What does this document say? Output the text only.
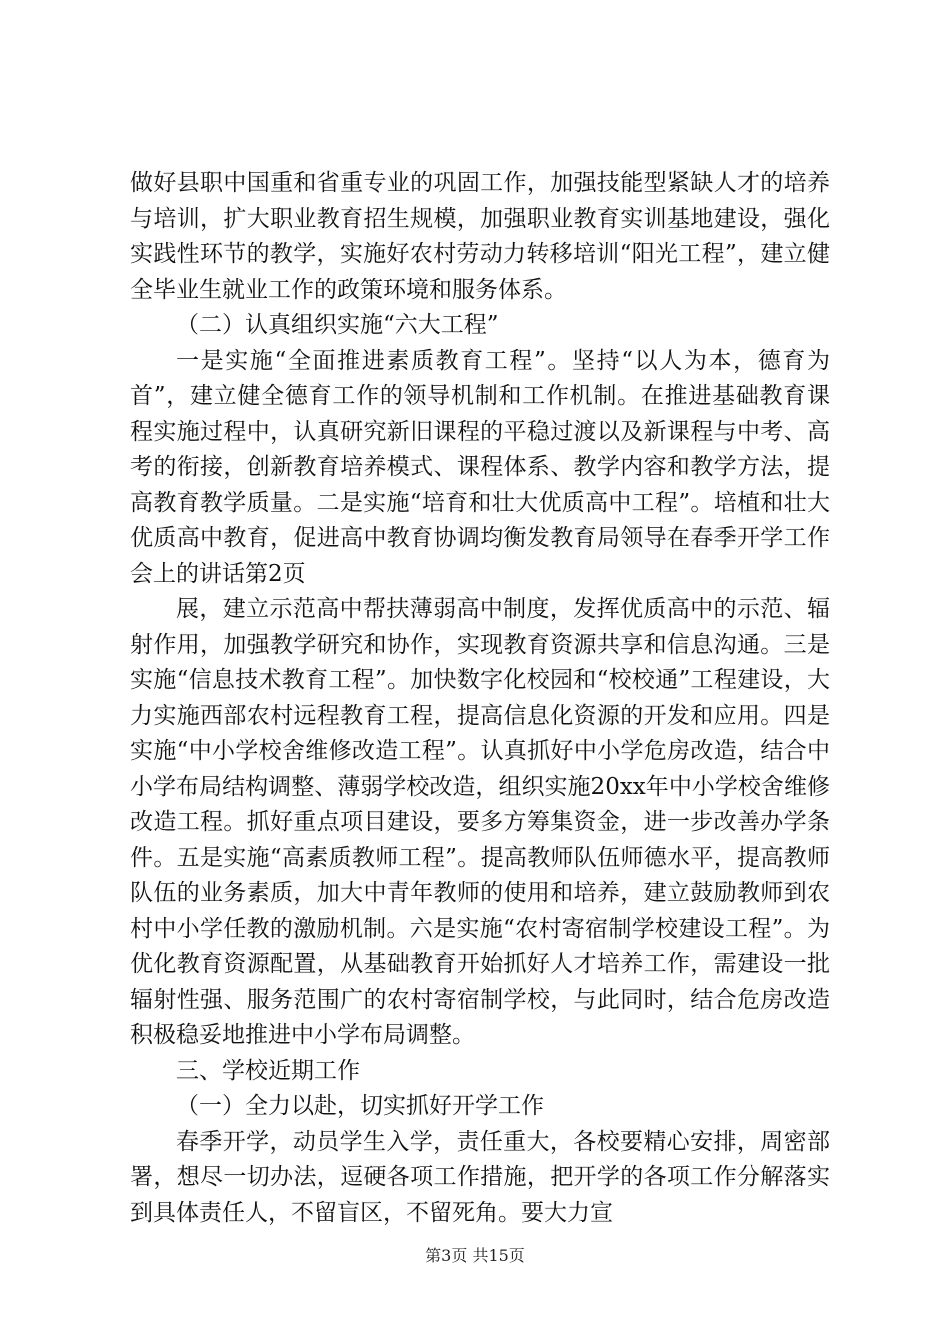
做好县职中国重和省重专业的巩固工作，加强技能型紧缺人才的培养与培训，扩大职业教育招生规模，加强职业教育实训基地建设，强化实践性环节的教学，实施好农村劳动力转移培训“阳光工程”，建立健全毕业生就业工作的政策环境和服务体系。

（二）认真组织实施“六大工程”

一是实施“全面推进素质教育工程”。坚持“以人为本，德育为首”，建立健全德育工作的领导机制和工作机制。在推进基础教育课程实施过程中，认真研究新旧课程的平稳过渡以及新课程与中考、高考的衔接，创新教育培养模式、课程体系、教学内容和教学方法，提高教育教学质量。二是实施“培育和壮大优质高中工程”。培植和壮大优质高中教育，促进高中教育协调均衡发教育局领导在春季开学工作会上的讲话第2页

展，建立示范高中帮扶薄弱高中制度，发挥优质高中的示范、辐射作用，加强教学研究和协作，实现教育资源共享和信息沟通。三是实施“信息技术教育工程”。加快数字化校园和“校校通”工程建设，大力实施西部农村远程教育工程，提高信息化资源的开发和应用。四是实施“中小学校舍维修改造工程”。认真抓好中小学危房改造，结合中小学布局结构调整、薄弱学校改造，组织实施20xx年中小学校舍维修改造工程。抓好重点项目建设，要多方筹集资金，进一步改善办学条件。五是实施“高素质教师工程”。提高教师队伍师德水平，提高教师队伍的业务素质，加大中青年教师的使用和培养，建立鼓励教师到农村中小学任教的激励机制。六是实施“农村寄宿制学校建设工程”。为优化教育资源配置，从基础教育开始抓好人才培养工作，需建设一批辐射性强、服务范围广的农村寄宿制学校，与此同时，结合危房改造积极稳妥地推进中小学布局调整。

三、学校近期工作

（一）全力以赴，切实抓好开学工作

春季开学，动员学生入学，责任重大，各校要精心安排，周密部署，想尽一切办法，逗硬各项工作措施，把开学的各项工作分解落实到具体责任人，不留盲区，不留死角。要大力宣

第3页 共15页
